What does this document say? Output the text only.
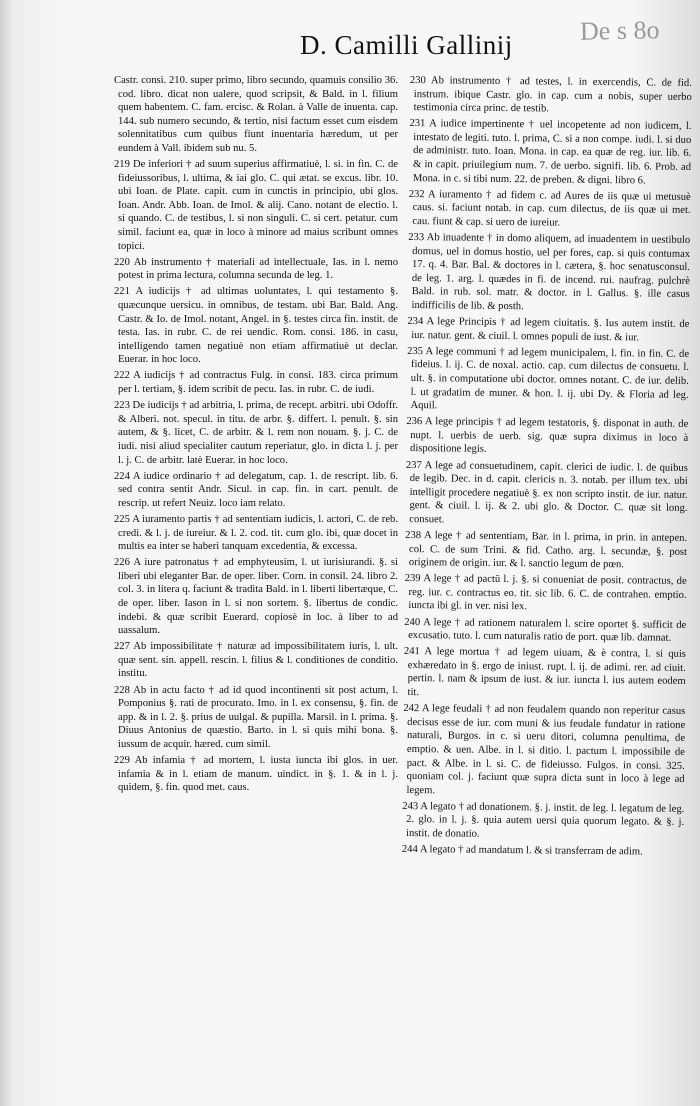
D. Camilli Gallinij	De s 8o

Castr. consi. 210. super primo, libro secundo, quamuis consilio 36. cod. libro. dicat non ualere, quod scripsit, & Bald. in l. filium quem habentem. C. fam. ercisc. & Rolan. à Valle de inuenta. cap. 144. sub numero secundo, & tertio, nisi factum esset cum eisdem solennitatibus cum quibus fiunt inuentaria hæredum, ut per eundem à Vall. ibidem sub nu. 5.

219 De inferiori † ad suum superius affirmatiuè, l. si. in fin. C. de fideiussoribus, l. ultima, & iai glo. C. qui ætat. se excus. libr. 10. ubi Ioan. de Plate. capit. cum in cunctis in principio, ubi glos. Ioan. Andr. Abb. Ioan. de Imol. & alij. Cano. notant de electio. l. si quando. C. de testibus, l. si non singuli. C. si cert. petatur. cum simil. faciunt ea, quæ in loco à minore ad maius scribunt omnes topici.

220 Ab instrumento † materiali ad intellectuale, Ias. in l. nemo potest in prima lectura, columna secunda de leg. 1.

221 A iudicijs † ad ultimas uoluntates, l. qui testamento §. quæcunque uersicu. in omnibus, de testam. ubi Bar. Bald. Ang. Castr. & Io. de Imol. notant, Angel. in §. testes circa fin. instit. de testa. Ias. in rubr. C. de rei uendic. Rom. consi. 186. in casu, intelligendo tamen negatiuè non etiam affirmatiuè ut declar. Euerar. in hoc loco.

222 A iudicijs † ad contractus Fulg. in consi. 183. circa primum per l. tertiam, §. idem scribit de pecu. Ias. in rubr. C. de iudi.

223 De iudicijs † ad arbitria, l. prima, de recept. arbitri. ubi Odoffr. & Alberi. not. specul. in titu. de arbr. §. differt. l. penult. §. sin autem, & §. licet, C. de arbitr. & l. rem non nouam. §. j. C. de iudi. nisi aliud specialiter cautum reperiatur, glo. in dicta l. j. per l. j. C. de arbitr. latè Euerar. in hoc loco.

224 A iudice ordinario † ad delegatum, cap. 1. de rescript. lib. 6. sed contra sentit Andr. Sicul. in cap. fin. in cart. penult. de rescrip. ut refert Neuiz. loco iam relato.

225 A iuramento partis † ad sententiam iudicis, l. actori, C. de reb. credi. & l. j. de iureiur. & l. 2. cod. tit. cum glo. ibi, quæ docet in multis ea inter se haberi tanquam excedentia, & excessa.

226 A iure patronatus † ad emphyteusim, l. ut iurisiurandi. §. si liberi ubi eleganter Bar. de oper. liber. Corn. in consil. 24. libro 2. col. 3. in litera q. faciunt & tradita Bald. in l. liberti libertæque, C. de oper. liber. Iason in l. si non sortem. §. libertus de condic. indebi. & quæ scribit Euerard. copiosè in loc. à liber to ad uassalum.

227 Ab impossibilitate † naturæ ad impossibilitatem iuris, l. ult. quæ sent. sin. appell. rescin. l. filius & l. conditiones de conditio. institu.

228 Ab in actu facto † ad id quod incontinenti sit post actum, l. Pomponius §. rati de procurato. Imo. in l. ex consensu, §. fin. de app. & in l. 2. §. prius de uulgal. & pupilla. Marsil. in l. prima. §. Diuus Antonius de quæstio. Barto. in l. si quis mihi bona. §. iussum de acquir. hæred. cum simil.

229 Ab infamia † ad mortem, l. iusta iuncta ibi glos. in uer. infamia & in l. etiam de manum. uindict. in §. 1. & in l. j. quidem, §. fin. quod met. caus.

230 Ab instrumento † ad testes, l. in exercendis, C. de fid. instrum. ibique Castr. glo. in cap. cum a nobis, super uerbo testimonia circa princ. de testib.

231 A iudice impertinente † uel incopetente ad non iudicem, l. intestato de legiti. tuto. l. prima, C. si a non compe. iudi. l. si duo de administr. tuto. Ioan. Mona. in cap. ea quæ de reg. iur. lib. 6. & in capit. priuilegium num. 7. de uerbo. signifi. lib. 6. Prob. ad Mona. in c. si tibi num. 22. de preben. & digni. libro 6.

232 A iuramento † ad fidem c. ad Aures de iis quæ ui metusuè caus. si. faciunt notab. in cap. cum dilectus, de iis quæ ui met. cau. fiunt & cap. si uero de iureiur.

233 Ab inuadente † in domo aliquem, ad inuadentem in uestibulo domus, uel in domus hostio, uel per fores, cap. si quis contumax 17. q. 4. Bar. Bal. & doctores in l. cætera, §. hoc senatusconsul. de leg. 1. arg. l. quædes in fi. de incend. rui. naufrag. pulchrè Bald. in rub. sol. matr. & doctor. in l. Gallus. §. ille casus indifficilis de lib. & posth.

234 A lege Principis † ad legem ciuitatis. §. Ius autem instit. de iur. natur. gent. & ciuil. l. omnes populi de iust. & iur.

235 A lege communi † ad legem municipalem, l. fin. in fin. C. de fideius. l. ij. C. de noxal. actio. cap. cum dilectus de consuetu. l. ult. §. in computatione ubi doctor. omnes notant. C. de iur. delib. l. ut gradatim de muner. & hon. l. ij. ubi Dy. & Floria ad leg. Aquil.

236 A lege principis † ad legem testatoris, §. disponat in auth. de nupt. l. uerbis de uerb. sig. quæ supra diximus in loco à dispositione legis.

237 A lege ad consuetudinem, capit. clerici de iudic. l. de quibus de legib. Dec. in d. capit. clericis n. 3. notab. per illum tex. ubi intelligit procedere negatiuè §. ex non scripto instit. de iur. natur. gent. & ciuil. l. ij. & 2. ubi glo. & Doctor. C. quæ sit long. consuet.

238 A lege † ad sententiam, Bar. in l. prima, in prin. in antepen. col. C. de sum Trini. & fid. Catho. arg. l. secundæ, §. post originem de origin. iur. & l. sanctio legum de pœn.

239 A lege † ad pactū l. j. §. si conueniat de posit. contractus, de reg. iur. c. contractus eo. tit. sic lib. 6. C. de contrahen. emptio. iuncta ibi gl. in ver. nisi lex.

240 A lege † ad rationem naturalem l. scire oportet §. sufficit de excusatio. tuto. l. cum naturalis ratio de port. quæ lib. damnat.

241 A lege mortua † ad legem uiuam, & è contra, l. si quis exhæredato in §. ergo de iniust. rupt. l. ij. de adimi. rer. ad ciuit. pertin. l. nam & ipsum de iust. & iur. iuncta l. ius autem eodem tit.

242 A lege feudali † ad non feudalem quando non reperitur casus decisus esse de iur. com muni & ius feudale fundatur in ratione naturali, Burgos. in c. si ueru ditori, columna penultima, de emptio. & uen. Albe. in l. si ditio. l. pactum l. impossibile de pact. & Albe. in l. si. C. de fideiusso. Fulgos. in consi. 325. quoniam col. j. faciunt quæ supra dicta sunt in loco à lege ad legem.

243 A legato † ad donationem. §. j. instit. de leg. l. legatum de leg. 2. glo. in l. j. §. quia autem uersi quia quorum legato. & §. j. instit. de donatio.

244 A legato † ad mandatum l. & si transferram de adim.
